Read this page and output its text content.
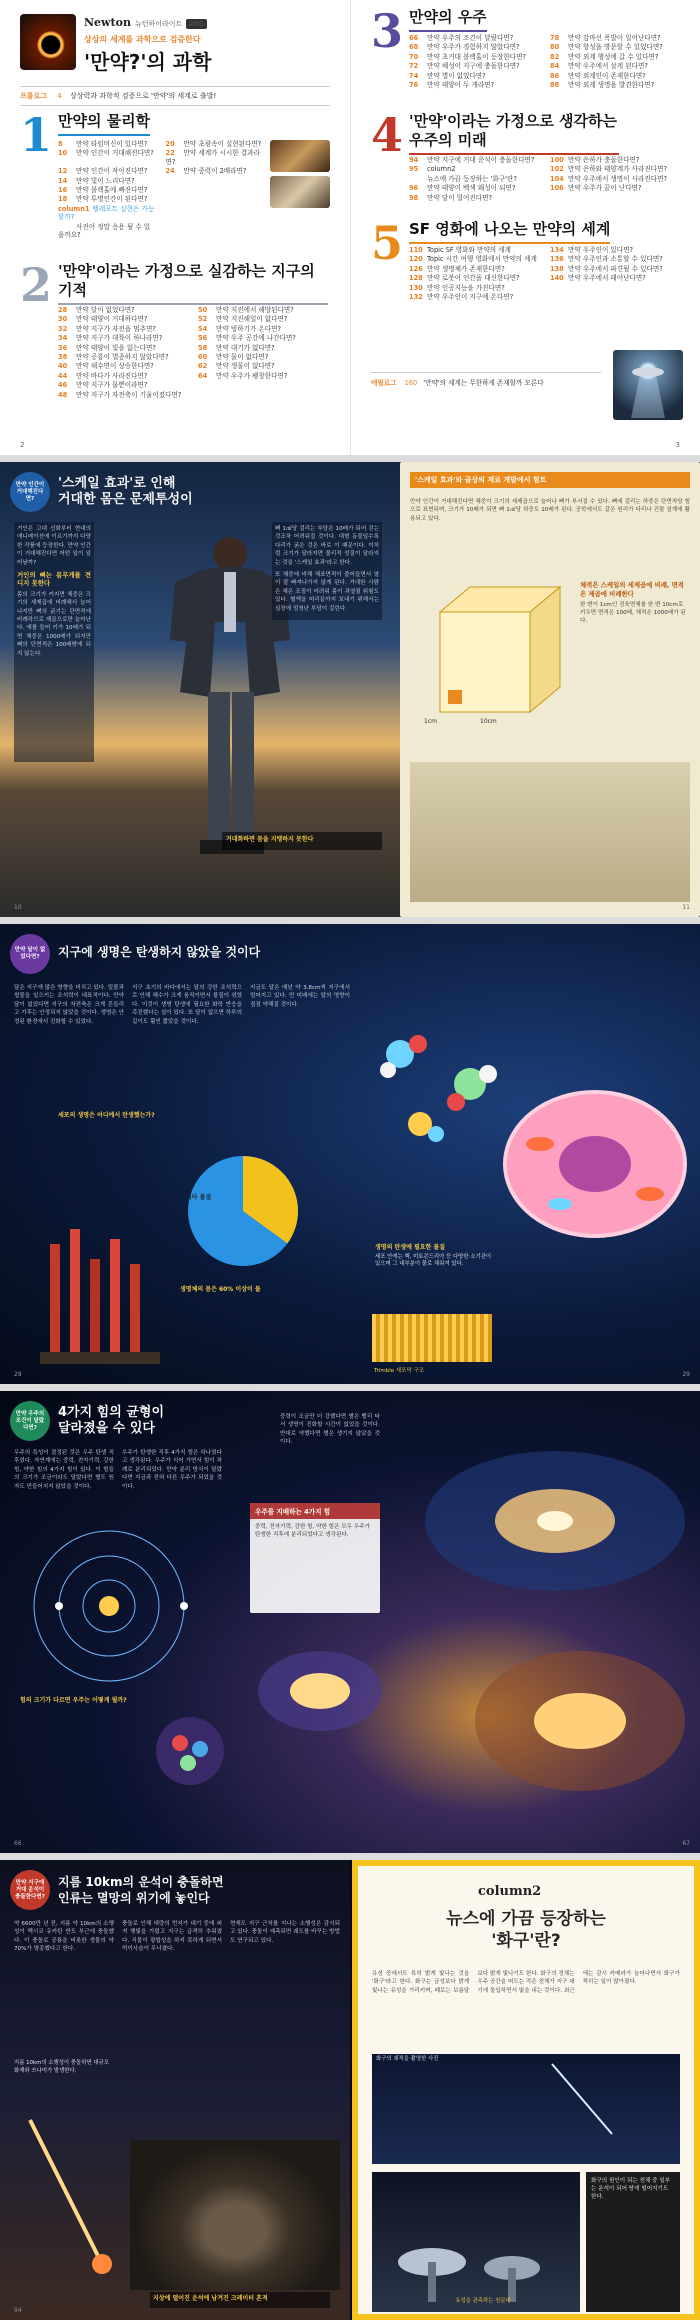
Newton 뉴턴하이라이트 ANS
상상의 세계를 과학으로 검증한다
'만약?'의 과학
프롤로그 4 상상력과 과학적 검증으로 '만약'의 세계로 출발!
1 만약의 물리학
8 만약 타임머신이 있다면?	20 만약 초광속이 실현된다면?
10 만약 인간이 거대해진다면? 22 만약 세계가 시시한 결과라면?
12 만약 인간이 작아진다면?	24 만약 중력이 2배라면?
14 만약 빛이 느리다면?
16 만약 블랙홀에 빠진다면?
18 만약 투명인간이 된다면?
column1 텔레포트 실현은 가능할까?
사진이 정말 응용 될 수 있을까요?
2 '만약'이라는 가정으로 실감하는 지구의 기적
28 만약 달이 없었다면?	50 만약 지진에서 해방된다면?
30 만약 태양이 거대하다면?	52 만약 지진해일이 없다면?
32 만약 지구가 자전을 멈추면?	54 만약 빙하기가 온다면?
34 만약 지구가 대륙이 하나라면?	56 만약 우주 공간에 나간다면?
36 만약 태양이 빛을 잃는다면?	58 만약 대기가 없다면?
38 만약 공룡이 멸종하지 않았다면?	60 만약 물이 없다면?
40 만약 해수면이 상승한다면?	62 만약 생물이 없다면?
44 만약 바다가 사라진다면?	64 만약 우주가 팽창한다면?
46 만약 지구가 물뿐이라면?
48 만약 지구가 자전축이 기울어졌다면?
2
3 만약의 우주
66 만약 우주의 조건이 달랐다면?	78 만약 감마선 폭발이 일어난다면?
68 만약 우주가 경험하지 않았다면?	80 만약 항성을 방문할 수 있었다면?
70 만약 초거대 블랙홀이 등장한다면?	82 만약 외계 행성에 갈 수 있다면?
72 만약 혜성이 지구에 충돌한다면?	84 만약 우주에서 살게 된다면?
74 만약 별이 없었다면?	86 만약 외계인이 존재한다면?
76 만약 태양이 두 개라면?	88 만약 외계 생명을 발견한다면?
4 '만약'이라는 가정으로 생각하는 우주의 미래
94 만약 지구에 거대 운석이 충돌한다면?	100 만약 은하가 충돌한다면?
95 column2	102 만약 은하와 태양계가 사라진다면?
뉴스에 가끔 등장하는 '화구'란?	104 만약 우주에서 생명이 사라진다면?
96 만약 태양이 백색 왜성이 되면?	106 만약 우주가 끝이 난다면?
98 만약 달이 멀어진다면?
5 SF 영화에 나오는 만약의 세계
110 Topic SF 영화와 만약의 세계	134 만약 우주인이 있다면?
120 Topic 시간 여행 영화에서 만약의 세계	136 만약 우주인과 소통할 수 있다면?
126 만약 생명체가 존재한다면?	138 만약 우주에서 파견될 수 있다면?
128 만약 로봇이 인간을 대신한다면?	140 만약 우주에서 태어난다면?
130 만약 인공지능을 가진다면?
132 만약 우주인이 지구에 온다면?
에필로그 160 '만약'의 세계는 무한하게 존재할까 모른다
3
만약 인간이 거대해진다면?
'스케일 효과'로 인해
거대한 몸은 문제투성이

거인은 고대 신화부터 현대의 애니메이션에 이르기까지 다양한 작품에 등장한다. 만약 인간이 거대해진다면 어떤 일이 일어날까?

거인의 뼈는 몸무게를 견디지 못한다

몸의 크기가 커지면 체중은 크기의 세제곱에 비례해서 늘어나지만 뼈의 굵기는 단면적에 비례하므로 제곱으로만 늘어난다. 예를 들어 키가 10배가 되면 체중은 1000배가 되지만 뼈의 단면적은 100배밖에 되지 않는다.

뼈 1㎠당 걸리는 부담은 10배가 되어 걷는 것조차 어려워질 것이다. 대형 동물일수록 다리가 굵은 것은 바로 이 때문이다. 이처럼 크기가 달라지면 물리적 성질이 달라지는 것을 '스케일 효과'라고 한다.

또 체중에 비해 체표면적이 줄어들면서 열이 잘 빠져나가지 않게 된다. 거대한 사람은 체온 조절이 어려워 몸이 과열될 위험도 있다. 혈액을 머리끝까지 보내기 위해서는 심장에 엄청난 부담이 걸린다.

거대화하면 몸을 지탱하지 못한다
'스케일 효과'와 골상의 재료 개발에서 힘트
만약 인간이 거대해진다면 체중이 크기의 세제곱으로 늘어나 뼈가 부서질 수 있다. 뼈에 걸리는 하중은 단면적당 힘으로 표현되며, 크기가 10배가 되면 뼈 1㎠당 하중도 10배가 된다. 공학에서도 같은 원리가 다리나 건물 설계에 활용되고 있다.
1cm	10cm
체적은 스케일의 세제곱에 비례, 면적은 제곱에 비례한다
한 변이 1cm인 정육면체를 한 변 10cm로 키우면 면적은 100배, 체적은 1000배가 된다.
10	11
만약 달이 없었다면?	지구에 생명은 탄생하지 않았을 것이다

달은 지구에 많은 영향을 미치고 있다. 밀물과 썰물을 일으키는 조석력이 대표적이다. 만약 달이 없었다면 지구의 자전축은 크게 흔들리고 기후는 안정되지 않았을 것이다. 생명은 안정된 환경에서 진화할 수 있었다.

지구 초기의 바다에서는 달의 강한 조석력으로 인해 해수가 크게 움직이면서 물질이 섞였다. 이것이 생명 탄생에 필요한 화학 반응을 촉진했다는 설이 있다. 또 달이 없으면 하루의 길이도 훨씬 짧았을 것이다.

지금도 달은 매년 약 3.8cm씩 지구에서 멀어지고 있다. 먼 미래에는 달의 영향이 점점 약해질 것이다.

세포의 생명은 어디에서 탄생했는가?
기타 물질
생명체의 몸은 60% 이상이 물
생명의 탄생에 필요한 물질
세포 안에는 핵, 미토콘드리아 등 다양한 소기관이 있으며 그 대부분이 물로 채워져 있다.
Trimble 세포막 구조
28	29
만약 우주의 조건이 달랐다면?
4가지 힘의 균형이
달라졌을 수 있다

우주의 특성이 결정된 것은 우주 탄생 직후였다. 자연계에는 중력, 전자기력, 강한 힘, 약한 힘의 4가지 힘이 있다. 이 힘들의 크기가 조금이라도 달랐다면 별도 원자도 만들어지지 않았을 것이다.

우주가 탄생한 직후 4가지 힘은 하나였다고 생각된다. 우주가 식어 가면서 힘이 차례로 분리되었다. 만약 분리 방식이 달랐다면 지금과 전혀 다른 우주가 되었을 것이다.

중력이 조금만 더 강했다면 별은 빨리 타서 생명이 진화할 시간이 없었을 것이다. 반대로 약했다면 별은 생기지 않았을 것이다.

힘의 크기가 다르면 우주는 어떻게 될까?
우주를 지배하는 4가지 힘
중력, 전자기력, 강한 힘, 약한 힘은 모두 우주가 탄생한 직후에 분리되었다고 생각된다.
66	67
만약 지구에 거대 운석이 충돌한다면?
지름 10km의 운석이 충돌하면
인류는 멸망의 위기에 놓인다

약 6600만 년 전, 지름 약 10km의 소행성이 멕시코 유카탄 반도 부근에 충돌했다. 이 충돌로 공룡을 비롯한 생물의 약 70%가 멸종했다고 한다.

충돌로 인해 대량의 먼지가 대기 중에 퍼져 햇빛을 가렸고 지구는 급격히 추워졌다. 식물이 광합성을 하지 못하게 되면서 먹이사슬이 무너졌다.

현재도 지구 근처를 지나는 소행성은 감시되고 있다. 충돌이 예측되면 궤도를 바꾸는 방법도 연구되고 있다.

지름 10km의 소행성이 충돌하면 대규모 화재와 쓰나미가 발생한다.
지상에 떨어진 운석에 남겨진 크레이터 흔적
column2
뉴스에 가끔 등장하는
'화구'란?
유성 중에서도 특히 밝게 빛나는 것을 '화구'라고 한다. 화구는 금성보다 밝게 빛나는 유성을 가리키며, 때로는 보름달보다 밝게 빛나기도 한다. 화구의 정체는 우주 공간을 떠도는 작은 천체가 지구 대기에 돌입하면서 빛을 내는 것이다. 최근에는 감시 카메라가 늘어나면서 화구가 찍히는 일이 많아졌다.
화구의 궤적을 촬영한 사진
유성을 관측하는 천문대
화구의 원인이 되는 천체 중 일부는 운석이 되어 땅에 떨어지기도 한다.
94
